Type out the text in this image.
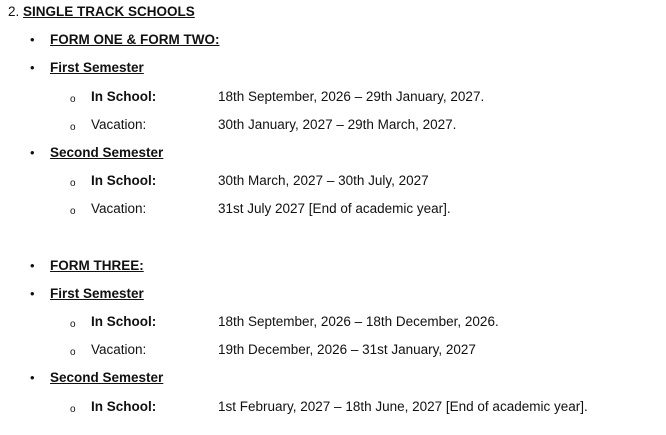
2. SINGLE TRACK SCHOOLS
• FORM ONE & FORM TWO:
• First Semester
o In School:	18th September, 2026 – 29th January, 2027.
o Vacation:	30th January, 2027 – 29th March, 2027.
• Second Semester
o In School:	30th March, 2027 – 30th July, 2027
o Vacation:	31st July 2027 [End of academic year].
• FORM THREE:
• First Semester
o In School:	18th September, 2026 – 18th December, 2026.
o Vacation:	19th December, 2026 – 31st January, 2027
• Second Semester
o In School:	1st February, 2027 – 18th June, 2027 [End of academic year].
